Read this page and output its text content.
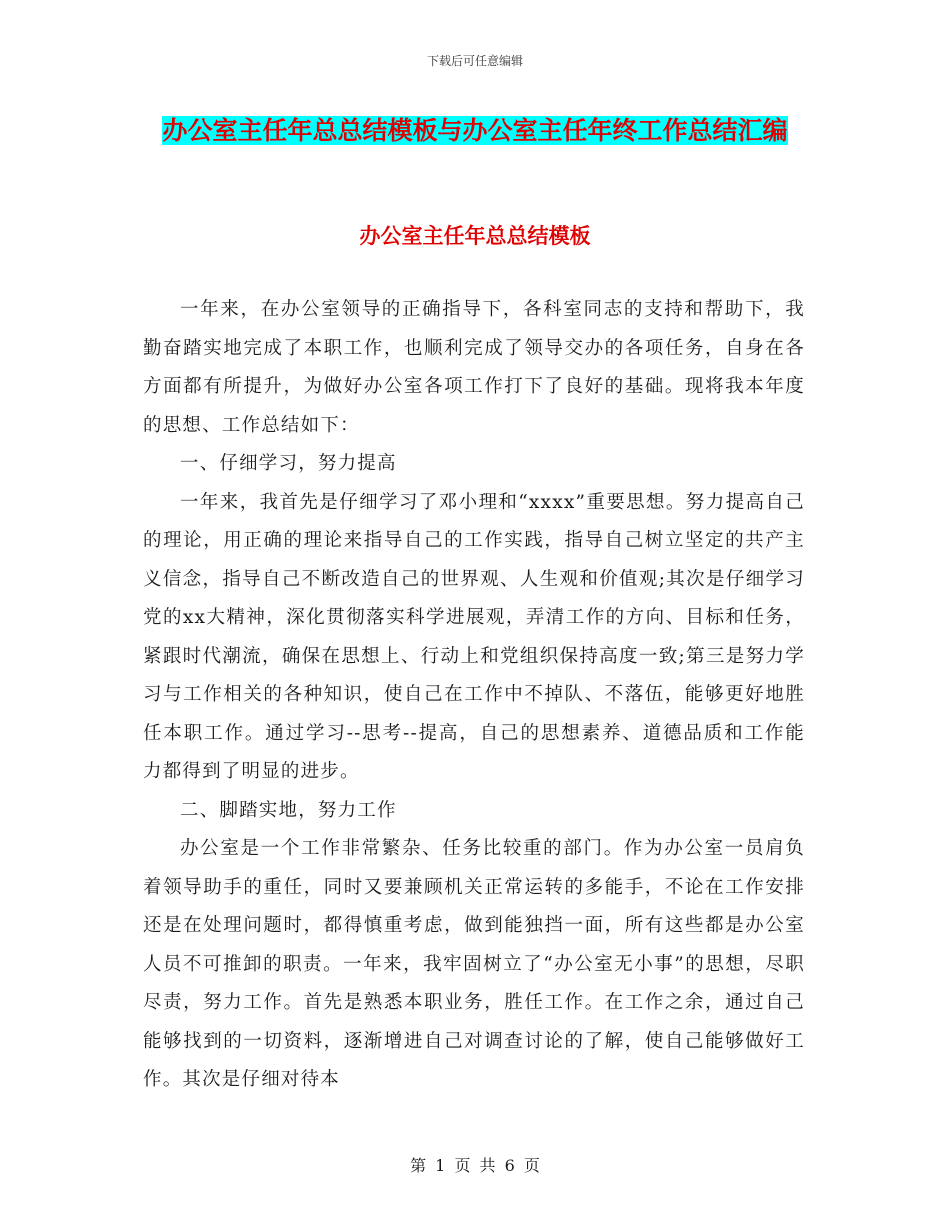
下载后可任意编辑
办公室主任年总总结模板与办公室主任年终工作总结汇编
办公室主任年总总结模板

一年来，在办公室领导的正确指导下，各科室同志的支持和帮助下，我勤奋踏实地完成了本职工作，也顺利完成了领导交办的各项任务，自身在各方面都有所提升，为做好办公室各项工作打下了良好的基础。现将我本年度的思想、工作总结如下：

一、仔细学习，努力提高

一年来，我首先是仔细学习了邓小理和“xxxx”重要思想。努力提高自己的理论，用正确的理论来指导自己的工作实践，指导自己树立坚定的共产主义信念，指导自己不断改造自己的世界观、人生观和价值观;其次是仔细学习党的xx大精神，深化贯彻落实科学进展观，弄清工作的方向、目标和任务，紧跟时代潮流，确保在思想上、行动上和党组织保持高度一致;第三是努力学习与工作相关的各种知识，使自己在工作中不掉队、不落伍，能够更好地胜任本职工作。通过学习--思考--提高，自己的思想素养、道德品质和工作能 力都得到了明显的进步。

二、脚踏实地，努力工作

办公室是一个工作非常繁杂、任务比较重的部门。作为办公室一员肩负着领导助手的重任，同时又要兼顾机关正常运转的多能手，不论在工作安排还是在处理问题时，都得慎重考虑，做到能独挡一面，所有这些都是办公室人员不可推卸的职责。一年来，我牢固树立了“办公室无小事”的思想，尽职尽责，努力工作。首先是熟悉本职业务，胜任工作。在工作之余，通过自己能够找到的一切资料，逐渐增进自己对调查讨论的了解，使自己能够做好工作。其次是仔细对待本

第 1 页 共 6 页
